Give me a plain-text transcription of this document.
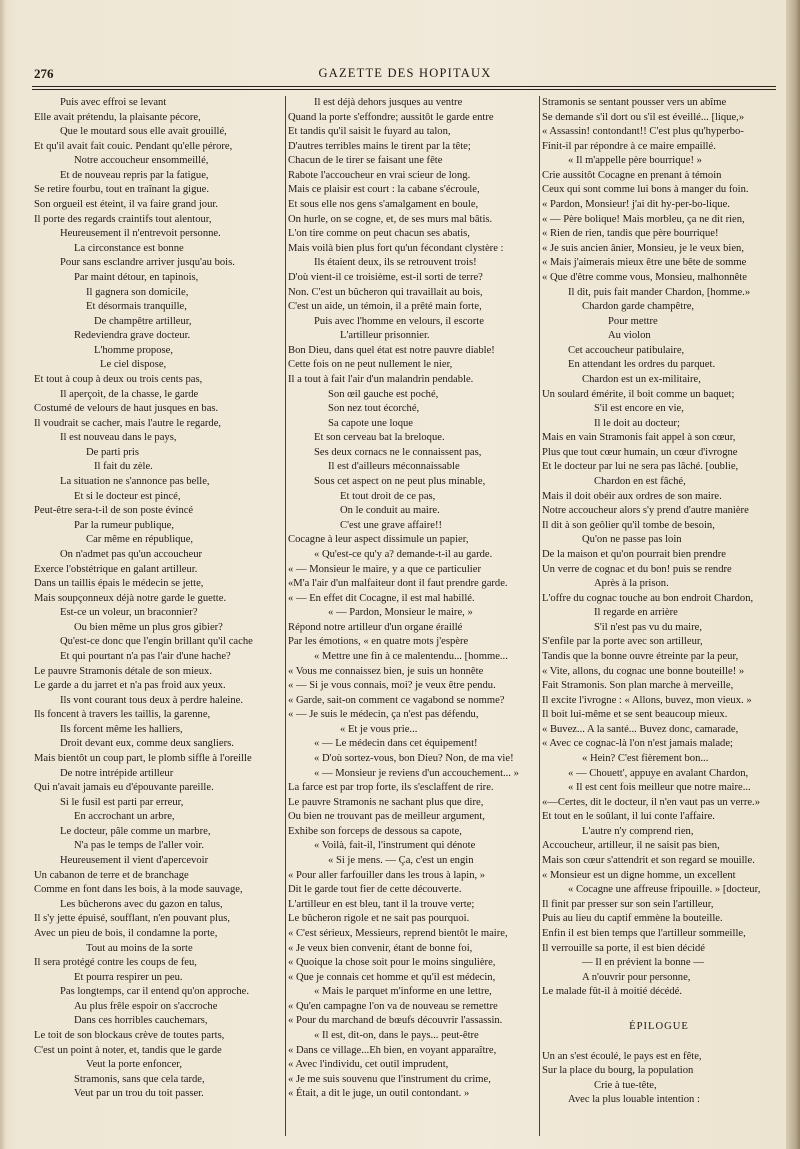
276	GAZETTE DES HOPITAUX
Puis avec effroi se levant
Elle avait prétendu, la plaisante pécore,
Que le moutard sous elle avait grouillé,
Et qu'il avait fait couic. Pendant qu'elle pérore,
Notre accoucheur ensommeillé,
Et de nouveau repris par la fatigue,
Se retire fourbu, tout en traînant la gigue.
Son orgueil est éteint, il va faire grand jour.
Il porte des regards craintifs tout alentour,
Heureusement il n'entrevoit personne.
La circonstance est bonne
Pour sans esclandre arriver jusqu'au bois.
Par maint détour, en tapinois,
Il gagnera son domicile,
Et désormais tranquille,
De champêtre artilleur,
Redeviendra grave docteur.
L'homme propose,
Le ciel dispose,
Et tout à coup à deux ou trois cents pas,
Il aperçoit, de la chasse, le garde
Costumé de velours de haut jusques en bas.
Il voudrait se cacher, mais l'autre le regarde,
Il est nouveau dans le pays,
De parti pris
Il fait du zèle.
La situation ne s'annonce pas belle,
Et si le docteur est pincé,
Peut-être sera-t-il de son poste évincé
Par la rumeur publique,
Car même en république,
On n'admet pas qu'un accoucheur
Exerce l'obstétrique en galant artilleur.
Dans un taillis épais le médecin se jette,
Mais soupçonneux déjà notre garde le guette.
Est-ce un voleur, un braconnier?
Ou bien même un plus gros gibier?
Qu'est-ce donc que l'engin brillant qu'il cache
Et qui pourtant n'a pas l'air d'une hache?
Le pauvre Stramonis détale de son mieux.
Le garde a du jarret et n'a pas froid aux yeux.
Ils vont courant tous deux à perdre haleine.
Ils foncent à travers les taillis, la garenne,
Ils forcent même les halliers,
Droit devant eux, comme deux sangliers.
Mais bientôt un coup part, le plomb siffle à l'oreille
De notre intrépide artilleur
Qui n'avait jamais eu d'épouvante pareille.
Si le fusil est parti par erreur,
En accrochant un arbre,
Le docteur, pâle comme un marbre,
N'a pas le temps de l'aller voir.
Heureusement il vient d'apercevoir
Un cabanon de terre et de branchage
Comme en font dans les bois, à la mode sauvage,
Les bûcherons avec du gazon en talus,
Il s'y jette épuisé, soufflant, n'en pouvant plus,
Avec un pieu de bois, il condamne la porte,
Tout au moins de la sorte
Il sera protégé contre les coups de feu,
Et pourra respirer un peu.
Pas longtemps, car il entend qu'on approche.
Au plus frêle espoir on s'accroche
Dans ces horribles cauchemars,
Le toit de son blockaus crève de toutes parts,
C'est un point à noter, et, tandis que le garde
Veut la porte enfoncer,
Stramonis, sans que cela tarde,
Veut par un trou du toit passer.
Il est déjà dehors jusques au ventre
Quand la porte s'effondre; aussitôt le garde entre
Et tandis qu'il saisit le fuyard au talon,
D'autres terribles mains le tirent par la tête;
Chacun de le tirer se faisant une fête
Rabote l'accoucheur en vrai scieur de long.
Mais ce plaisir est court : la cabane s'écroule,
Et sous elle nos gens s'amalgament en boule,
On hurle, on se cogne, et, de ses murs mal bâtis.
L'on tire comme on peut chacun ses abatis,
Mais voilà bien plus fort qu'un fécondant clystère :
Ils étaient deux, ils se retrouvent trois!
D'où vient-il ce troisième, est-il sorti de terre?
Non. C'est un bûcheron qui travaillait au bois,
C'est un aide, un témoin, il a prêté main forte,
Puis avec l'homme en velours, il escorte
L'artilleur prisonnier.
Bon Dieu, dans quel état est notre pauvre diable!
Cette fois on ne peut nullement le nier,
Il a tout à fait l'air d'un malandrin pendable.
Son œil gauche est poché,
Son nez tout écorché,
Sa capote une loque
Et son cerveau bat la breloque.
Ses deux cornacs ne le connaissent pas,
Il est d'ailleurs méconnaissable
Sous cet aspect on ne peut plus minable,
Et tout droit de ce pas,
On le conduit au maire.
C'est une grave affaire!!
Cocagne à leur aspect dissimule un papier,
« Qu'est-ce qu'y a? demande-t-il au garde.
« — Monsieur le maire, y a que ce particulier
«M'a l'air d'un malfaiteur dont il faut prendre garde.
« — En effet dit Cocagne, il est mal habillé.
« — Pardon, Monsieur le maire, »
Répond notre artilleur d'un organe éraillé
Par les émotions, « en quatre mots j'espère
« Mettre une fin à ce malentendu... [homme...
« Vous me connaissez bien, je suis un honnête
« — Si je vous connais, moi? je veux être pendu.
« Garde, sait-on comment ce vagabond se nomme?
« — Je suis le médecin, ça n'est pas défendu,
« Et je vous prie...
« — Le médecin dans cet équipement!
« D'où sortez-vous, bon Dieu? Non, de ma vie!
« — Monsieur je reviens d'un accouchement... »
La farce est par trop forte, ils s'esclaffent de rire.
Le pauvre Stramonis ne sachant plus que dire,
Ou bien ne trouvant pas de meilleur argument,
Exhibe son forceps de dessous sa capote,
« Voilà, fait-il, l'instrument qui dénote
« Si je mens. — Ça, c'est un engin
« Pour aller farfouiller dans les trous à lapin, »
Dit le garde tout fier de cette découverte.
L'artilleur en est bleu, tant il la trouve verte;
Le bûcheron rigole et ne sait pas pourquoi.
« C'est sérieux, Messieurs, reprend bientôt le maire,
« Je veux bien convenir, étant de bonne foi,
« Quoique la chose soit pour le moins singulière,
« Que je connais cet homme et qu'il est médecin,
« Mais le parquet m'informe en une lettre,
« Qu'en campagne l'on va de nouveau se remettre
« Pour du marchand de bœufs découvrir l'assassin.
« Il est, dit-on, dans le pays... peut-être
« Dans ce village...Eh bien, en voyant apparaître,
« Avec l'individu, cet outil imprudent,
« Je me suis souvenu que l'instrument du crime,
« Était, a dit le juge, un outil contondant. »
Stramonis se sentant pousser vers un abîme
Se demande s'il dort ou s'il est éveillé... [lique,»
« Assassin! contondant!! C'est plus qu'hyperbo-
Finit-il par répondre à ce maire empaillé.
« Il m'appelle père bourrique! »
Crie aussitôt Cocagne en prenant à témoin
Ceux qui sont comme lui bons à manger du foin.
« Pardon, Monsieur! j'ai dit hy-per-bo-lique.
« — Père bolique! Mais morbleu, ça ne dit rien,
« Rien de rien, tandis que père bourrique!
« Je suis ancien ânier, Monsieu, je le veux bien,
« Mais j'aimerais mieux être une bête de somme
« Que d'être comme vous, Monsieu, malhonnête
Il dit, puis fait mander Chardon, [homme.»
Chardon garde champêtre,
Pour mettre
Au violon
Cet accoucheur patibulaire,
En attendant les ordres du parquet.
Chardon est un ex-militaire,
Un soulard émérite, il boit comme un baquet;
S'il est encore en vie,
Il le doit au docteur;
Mais en vain Stramonis fait appel à son cœur,
Plus que tout cœur humain, un cœur d'ivrogne
Et le docteur par lui ne sera pas lâché. [oublie,
Chardon en est fâché,
Mais il doit obéir aux ordres de son maire.
Notre accoucheur alors s'y prend d'autre manière
Il dit à son geôlier qu'il tombe de besoin,
Qu'on ne passe pas loin
De la maison et qu'on pourrait bien prendre
Un verre de cognac et du bon! puis se rendre
Après à la prison.
L'offre du cognac touche au bon endroit Chardon,
Il regarde en arrière
S'il n'est pas vu du maire,
S'enfile par la porte avec son artilleur,
Tandis que la bonne ouvre étreinte par la peur,
« Vite, allons, du cognac une bonne bouteille! »
Fait Stramonis. Son plan marche à merveille,
Il excite l'ivrogne : « Allons, buvez, mon vieux. »
Il boit lui-même et se sent beaucoup mieux.
« Buvez... A la santé... Buvez donc, camarade,
« Avec ce cognac-là l'on n'est jamais malade;
« Hein? C'est fièrement bon...
« — Chouett', appuye en avalant Chardon,
« Il est cent fois meilleur que notre maire...
«—Certes, dit le docteur, il n'en vaut pas un verre.»
Et tout en le soûlant, il lui conte l'affaire.
L'autre n'y comprend rien,
Accoucheur, artilleur, il ne saisit pas bien,
Mais son cœur s'attendrit et son regard se mouille.
« Monsieur est un digne homme, un excellent
« Cocagne une affreuse fripouille. » [docteur,
Il finit par presser sur son sein l'artilleur,
Puis au lieu du captif emmène la bouteille.
Enfin il est bien temps que l'artilleur sommeille,
Il verrouille sa porte, il est bien décidé
— Il en prévient la bonne —
A n'ouvrir pour personne,
Le malade fût-il à moitié décédé.
ÉPILOGUE
Un an s'est écoulé, le pays est en fête,
Sur la place du bourg, la population
Crie à tue-tête,
Avec la plus louable intention :
